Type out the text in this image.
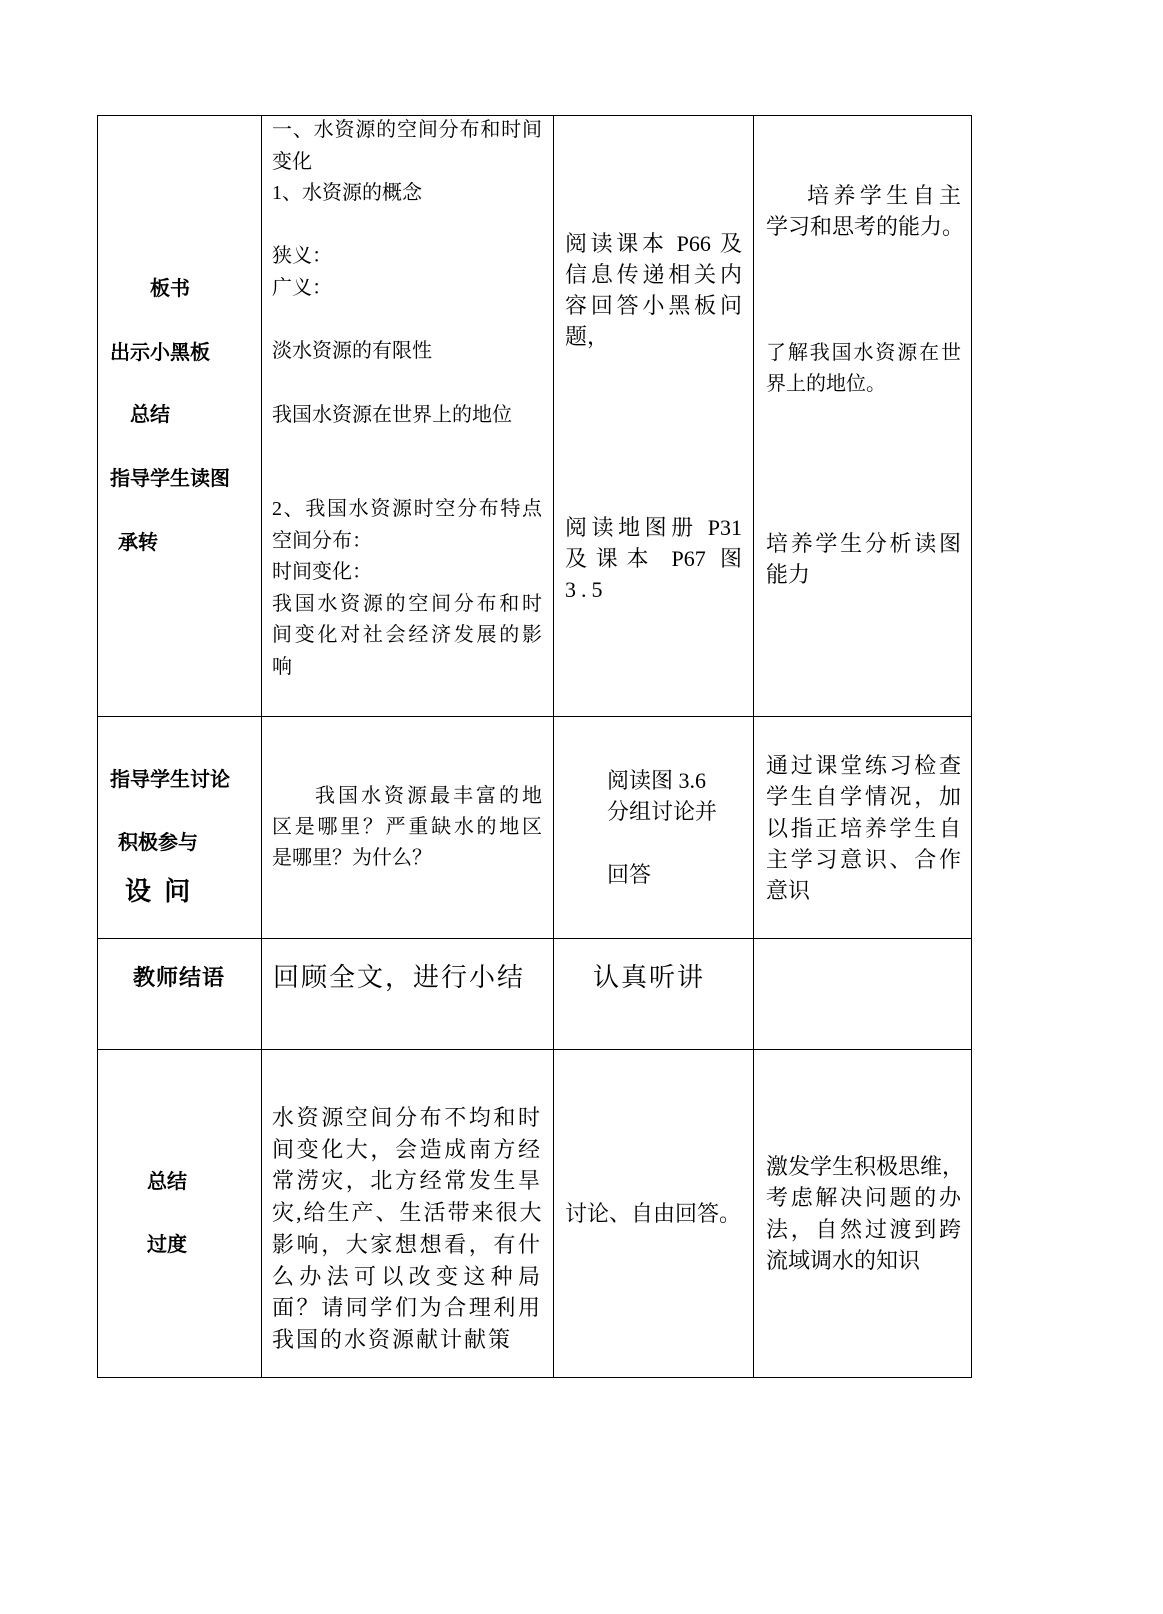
板书
出示小黑板
总结
指导学生读图
承转
一、水资源的空间分布和时间
变化
1、水资源的概念
狭义：
广义：
淡水资源的有限性
我国水资源在世界上的地位
2、我国水资源时空分布特点
空间分布：
时间变化：
我国水资源的空间分布和时
间变化对社会经济发展的影
响
阅读课本 P66 及
信息传递相关内
容回答小黑板问
题，
阅读地图册 P31
及课本 P67 图
3.5
培养学生自主
学习和思考的能力。
了解我国水资源在世
界上的地位。
培养学生分析读图
能力
指导学生讨论
积极参与
设 问
我国水资源最丰富的地
区是哪里？严重缺水的地区
是哪里？为什么？
阅读图 3.6
分组讨论并
回答
通过课堂练习检查
学生自学情况，加
以指正培养学生自
主学习意识、合作
意识
教师结语 回顾全文，进行小结	认真听讲
总结
过度
水资源空间分布不均和时
间变化大，会造成南方经
常涝灾，北方经常发生旱
灾,给生产、生活带来很大
影响，大家想想看，有什
么办法可以改变这种局
面？请同学们为合理利用
我国的水资源献计献策
讨论、自由回答。
激发学生积极思维，
考虑解决问题的办
法，自然过渡到跨
流域调水的知识
